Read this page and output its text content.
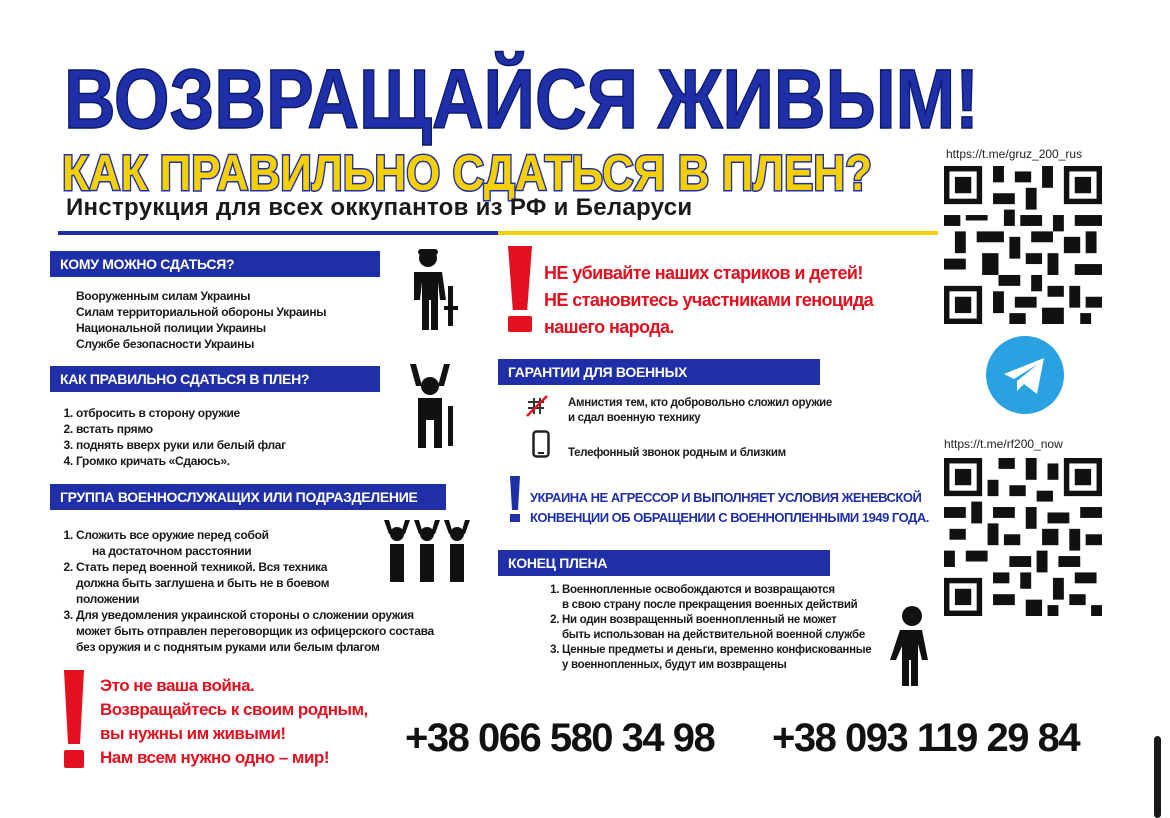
ВОЗВРАЩАЙСЯ ЖИВЫМ!
КАК ПРАВИЛЬНО СДАТЬСЯ В ПЛЕН?
Инструкция для всех оккупантов из РФ и Беларуси
КОМУ МОЖНО СДАТЬСЯ?
Вооруженным силам Украины
Силам территориальной обороны Украины
Национальной полиции Украины
Службе безопасности Украины
КАК ПРАВИЛЬНО СДАТЬСЯ В ПЛЕН?
1. отбросить в сторону оружие
2. встать прямо
3. поднять вверх руки или белый флаг
4. Громко кричать «Сдаюсь».
ГРУППА ВОЕННОСЛУЖАЩИХ ИЛИ ПОДРАЗДЕЛЕНИЕ
1. Сложить все оружие перед собой
на достаточном расстоянии
2. Стать перед военной техникой. Вся техника
должна быть заглушена и быть не в боевом
положении
3. Для уведомления украинской стороны о сложении оружия
может быть отправлен переговорщик из офицерского состава
без оружия и с поднятым руками или белым флагом
Это не ваша война.
Возвращайтесь к своим родным,
вы нужны им живыми!
Нам всем нужно одно – мир!
НЕ убивайте наших стариков и детей!
НЕ становитесь участниками геноцида
нашего народа.
ГАРАНТИИ ДЛЯ ВОЕННЫХ
Амнистия тем, кто добровольно сложил оружие
и сдал военную технику
Телефонный звонок родным и близким
УКРАИНА НЕ АГРЕССОР И ВЫПОЛНЯЕТ УСЛОВИЯ ЖЕНЕВСКОЙ
КОНВЕНЦИИ ОБ ОБРАЩЕНИИ С ВОЕННОПЛЕННЫМИ 1949 ГОДА.
КОНЕЦ ПЛЕНА
1. Военнопленные освобождаются и возвращаются
в свою страну после прекращения военных действий
2. Ни один возвращенный военнопленный не может
быть использован на действительной военной службе
3. Ценные предметы и деньги, временно конфискованные
у военнопленных, будут им возвращены
https://t.me/gruz_200_rus
https://t.me/rf200_now
+38 066 580 34 98 +38 093 119 29 84
